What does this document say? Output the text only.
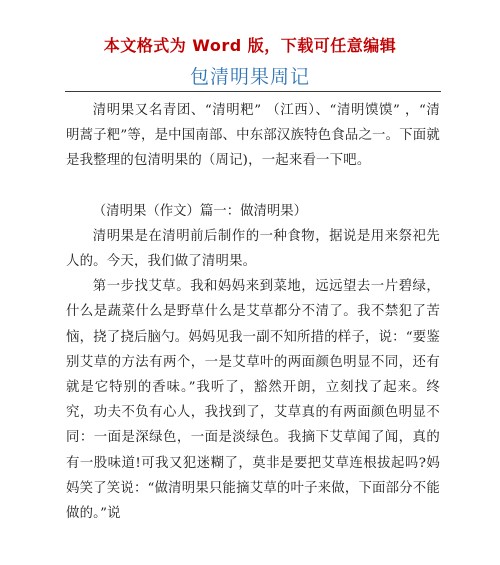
本文格式为 Word 版，下载可任意编辑
包清明果周记

清明果又名青团、“清明粑” （江西）、“清明馍馍” ，“清明蒿子粑”等，是中国南部、中东部汉族特色食品之一。下面就是我整理的包清明果的（周记)，一起来看一下吧。

（清明果（作文）篇一：做清明果）

清明果是在清明前后制作的一种食物，据说是用来祭祀先人的。今天，我们做了清明果。

第一步找艾草。我和妈妈来到菜地，远远望去一片碧绿，什么是蔬菜什么是野草什么是艾草都分不清了。我不禁犯了苦恼，挠了挠后脑勺。妈妈见我一副不知所措的样子，说：“要鉴别艾草的方法有两个，一是艾草叶的两面颜色明显不同，还有就是它特别的香味。”我听了，豁然开朗，立刻找了起来。终究，功夫不负有心人，我找到了，艾草真的有两面颜色明显不同：一面是深绿色，一面是淡绿色。我摘下艾草闻了闻，真的有一股味道!可我又犯迷糊了，莫非是要把艾草连根拔起吗?妈妈笑了笑说：“做清明果只能摘艾草的叶子来做，下面部分不能做的。”说
